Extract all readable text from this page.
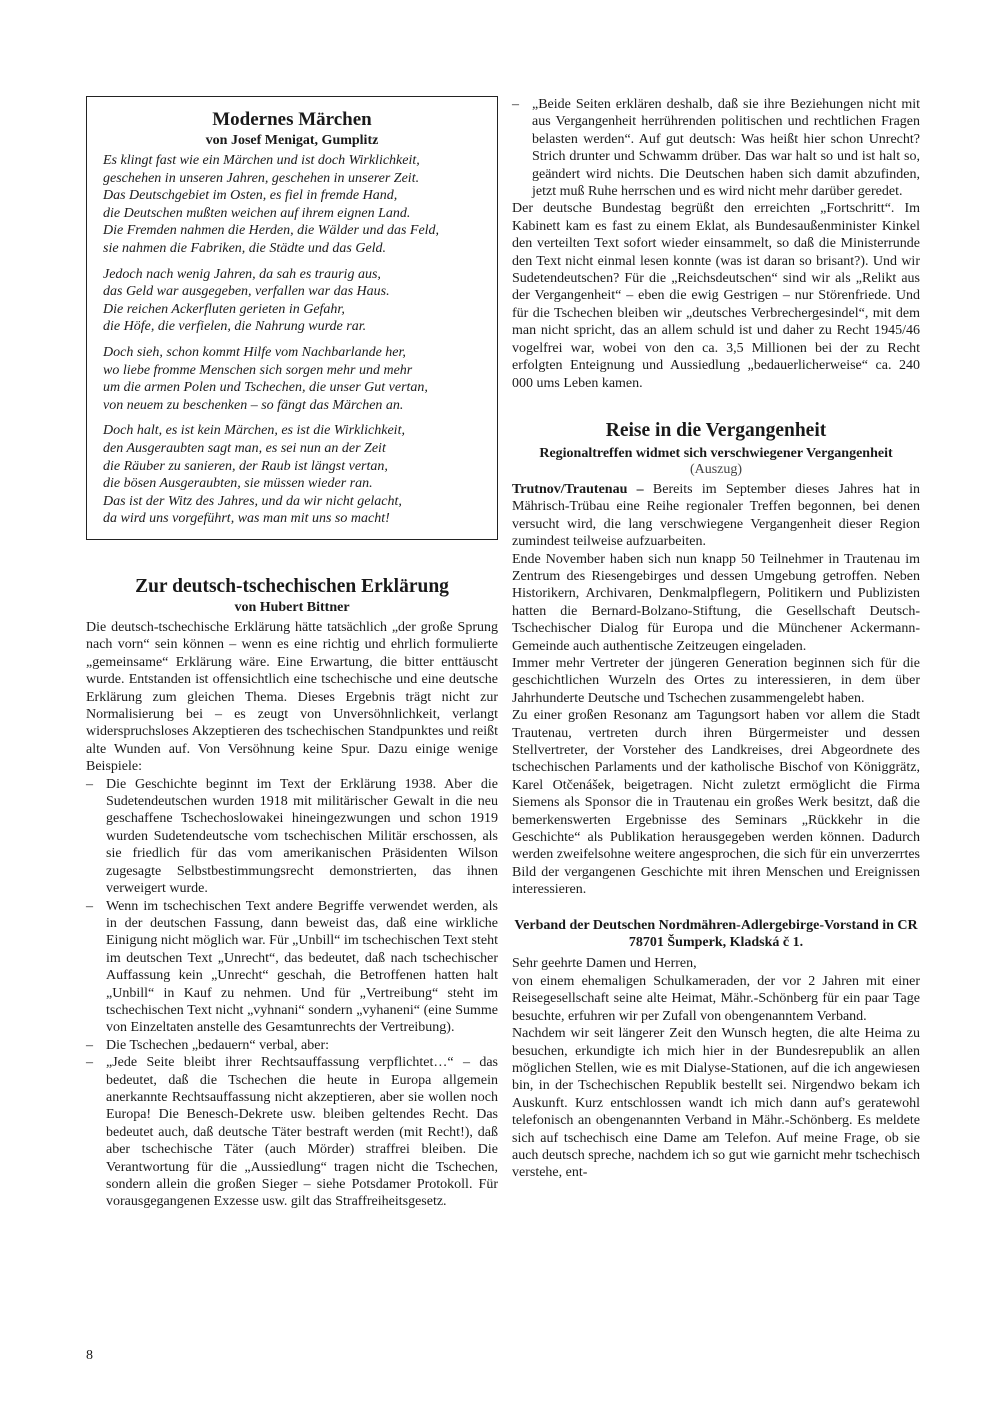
Modernes Märchen
von Josef Menigat, Gumplitz
Es klingt fast wie ein Märchen und ist doch Wirklichkeit,
geschehen in unseren Jahren, geschehen in unserer Zeit.
Das Deutschgebiet im Osten, es fiel in fremde Hand,
die Deutschen mußten weichen auf ihrem eignen Land.
Die Fremden nahmen die Herden, die Wälder und das Feld,
sie nahmen die Fabriken, die Städte und das Geld.
Jedoch nach wenig Jahren, da sah es traurig aus,
das Geld war ausgegeben, verfallen war das Haus.
Die reichen Ackerfluten gerieten in Gefahr,
die Höfe, die verfielen, die Nahrung wurde rar.
Doch sieh, schon kommt Hilfe vom Nachbarlande her,
wo liebe fromme Menschen sich sorgen mehr und mehr
um die armen Polen und Tschechen, die unser Gut vertan,
von neuem zu beschenken – so fängt das Märchen an.
Doch halt, es ist kein Märchen, es ist die Wirklichkeit,
den Ausgeraubten sagt man, es sei nun an der Zeit
die Räuber zu sanieren, der Raub ist längst vertan,
die bösen Ausgeraubten, sie müssen wieder ran.
Das ist der Witz des Jahres, und da wir nicht gelacht,
da wird uns vorgeführt, was man mit uns so macht!
Zur deutsch-tschechischen Erklärung
von Hubert Bittner

Die deutsch-tschechische Erklärung hätte tatsächlich „der große Sprung nach vorn“ sein können – wenn es eine richtig und ehrlich formulierte „gemeinsame“ Erklärung wäre. Eine Erwartung, die bitter enttäuscht wurde. Entstanden ist offensichtlich eine tschechische und eine deutsche Erklärung zum gleichen Thema. Dieses Ergebnis trägt nicht zur Normalisierung bei – es zeugt von Unversöhnlichkeit, verlangt widerspruchsloses Akzeptieren des tschechischen Standpunktes und reißt alte Wunden auf. Von Versöhnung keine Spur. Dazu einige wenige Beispiele:

– Die Geschichte beginnt im Text der Erklärung 1938. Aber die Sudetendeutschen wurden 1918 mit militärischer Gewalt in die neu geschaffene Tschechoslowakei hineingezwungen und schon 1919 wurden Sudetendeutsche vom tschechischen Militär erschossen, als sie friedlich für das vom amerikanischen Präsidenten Wilson zugesagte Selbstbestimmungsrecht demonstrierten, das ihnen verweigert wurde.
– Wenn im tschechischen Text andere Begriffe verwendet werden, als in der deutschen Fassung, dann beweist das, daß eine wirkliche Einigung nicht möglich war. Für „Unbill“ im tschechischen Text steht im deutschen Text „Unrecht“, das bedeutet, daß nach tschechischer Auffassung kein „Unrecht“ geschah, die Betroffenen hatten halt „Unbill“ in Kauf zu nehmen. Und für „Vertreibung“ steht im tschechischen Text nicht „vyhnani“ sondern „vyhaneni“ (eine Summe von Einzeltaten anstelle des Gesamtunrechts der Vertreibung).
– Die Tschechen „bedauern“ verbal, aber:
– „Jede Seite bleibt ihrer Rechtsauffassung verpflichtet…“ – das bedeutet, daß die Tschechen die heute in Europa allgemein anerkannte Rechtsauffassung nicht akzeptieren, aber sie wollen noch Europa! Die Benesch-Dekrete usw. bleiben geltendes Recht. Das bedeutet auch, daß deutsche Täter bestraft werden (mit Recht!), daß aber tschechische Täter (auch Mörder) straffrei bleiben. Die Verantwortung für die „Aussiedlung“ tragen nicht die Tschechen, sondern allein die großen Sieger – siehe Potsdamer Protokoll. Für vorausgegangenen Exzesse usw. gilt das Straffreiheitsgesetz.
– „Beide Seiten erklären deshalb, daß sie ihre Beziehungen nicht mit aus Vergangenheit herrührenden politischen und rechtlichen Fragen belasten werden“. Auf gut deutsch: Was heißt hier schon Unrecht? Strich drunter und Schwamm drüber. Das war halt so und ist halt so, geändert wird nichts. Die Deutschen haben sich damit abzufinden, jetzt muß Ruhe herrschen und es wird nicht mehr darüber geredet.

Der deutsche Bundestag begrüßt den erreichten „Fortschritt“. Im Kabinett kam es fast zu einem Eklat, als Bundesaußenminister Kinkel den verteilten Text sofort wieder einsammelt, so daß die Ministerrunde den Text nicht einmal lesen konnte (was ist daran so brisant?). Und wir Sudetendeutschen? Für die „Reichsdeutschen“ sind wir als „Relikt aus der Vergangenheit“ – eben die ewig Gestrigen – nur Störenfriede. Und für die Tschechen bleiben wir „deutsches Verbrechergesindel“, mit dem man nicht spricht, das an allem schuld ist und daher zu Recht 1945/46 vogelfrei war, wobei von den ca. 3,5 Millionen bei der zu Recht erfolgten Enteignung und Aussiedlung „bedauerlicherweise“ ca. 240 000 ums Leben kamen.

Reise in die Vergangenheit
Regionaltreffen widmet sich verschwiegener Vergangenheit
(Auszug)

Trutnov/Trautenau – Bereits im September dieses Jahres hat in Mährisch-Trübau eine Reihe regionaler Treffen begonnen, bei denen versucht wird, die lang verschwiegene Vergangenheit dieser Region zumindest teilweise aufzuarbeiten.

Ende November haben sich nun knapp 50 Teilnehmer in Trautenau im Zentrum des Riesengebirges und dessen Umgebung getroffen. Neben Historikern, Archivaren, Denkmalpflegern, Politikern und Publizisten hatten die Bernard-Bolzano-Stiftung, die Gesellschaft Deutsch-Tschechischer Dialog für Europa und die Münchener Ackermann-Gemeinde auch authentische Zeitzeugen eingeladen.

Immer mehr Vertreter der jüngeren Generation beginnen sich für die geschichtlichen Wurzeln des Ortes zu interessieren, in dem über Jahrhunderte Deutsche und Tschechen zusammengelebt haben.

Zu einer großen Resonanz am Tagungsort haben vor allem die Stadt Trautenau, vertreten durch ihren Bürgermeister und dessen Stellvertreter, der Vorsteher des Landkreises, drei Abgeordnete des tschechischen Parlaments und der katholische Bischof von Königgrätz, Karel Otčenášek, beigetragen. Nicht zuletzt ermöglicht die Firma Siemens als Sponsor die in Trautenau ein großes Werk besitzt, daß die bemerkenswerten Ergebnisse des Seminars „Rückkehr in die Geschichte“ als Publikation herausgegeben werden können. Dadurch werden zweifelsohne weitere angesprochen, die sich für ein unverzerrtes Bild der vergangenen Geschichte mit ihren Menschen und Ereignissen interessieren.

Verband der Deutschen Nordmähren-Adlergebirge-Vorstand in CR 78701 Šumperk, Kladská č 1.

Sehr geehrte Damen und Herren,

von einem ehemaligen Schulkameraden, der vor 2 Jahren mit einer Reisegesellschaft seine alte Heimat, Mähr.-Schönberg für ein paar Tage besuchte, erfuhren wir per Zufall von obengenanntem Verband.

Nachdem wir seit längerer Zeit den Wunsch hegten, die alte Heima zu besuchen, erkundigte ich mich hier in der Bundesrepublik an allen möglichen Stellen, wie es mit Dialyse-Stationen, auf die ich angewiesen bin, in der Tschechischen Republik bestellt sei. Nirgendwo bekam ich Auskunft. Kurz entschlossen wandt ich mich dann auf's geratewohl telefonisch an obengenannten Verband in Mähr.-Schönberg. Es meldete sich auf tschechisch eine Dame am Telefon. Auf meine Frage, ob sie auch deutsch spreche, nachdem ich so gut wie garnicht mehr tschechisch verstehe, ent-

8
